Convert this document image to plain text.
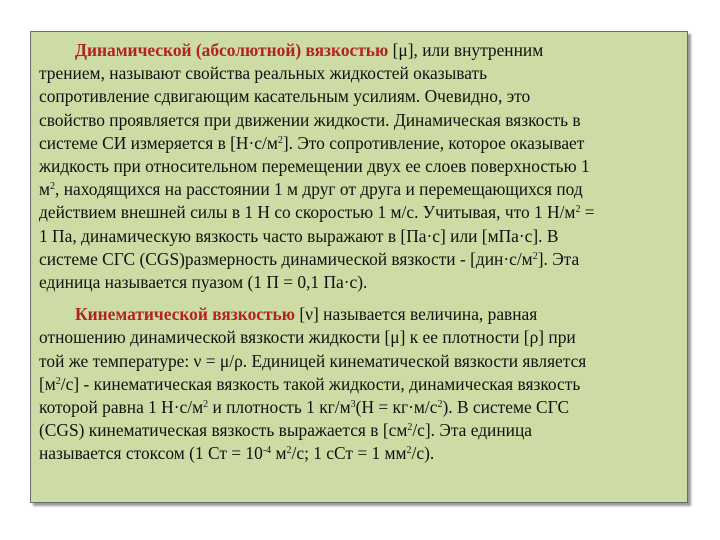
Динамической (абсолютной) вязкостью [μ], или внутренним
трением, называют свойства реальных жидкостей оказывать
сопротивление сдвигающим касательным усилиям. Очевидно, это
свойство проявляется при движении жидкости. Динамическая вязкость в
системе СИ измеряется в $[Н\cdot с/м^2]$. Это сопротивление, которое оказывает
жидкость при относительном перемещении двух ее слоев поверхностью 1
$м^2$, находящихся на расстоянии 1 м друг от друга и перемещающихся под
действием внешней силы в 1 Н со скоростью 1 м/с. Учитывая, что 1 $Н/м^2$ =
1 Па, динамическую вязкость часто выражают в [Па·с] или [мПа·с]. В
системе СГС (CGS)размерность динамической вязкости - $[дин\cdot с/м^2]$. Эта
единица называется пуазом (1 П = 0,1 Па·с).
Кинематической вязкостью [ν] называется величина, равная
отношению динамической вязкости жидкости [μ] к ее плотности [ρ] при
той же температуре: ν = μ/ρ. Единицей кинематической вязкости является
$[м^2/с]$ - кинематическая вязкость такой жидкости, динамическая вязкость
которой равна 1 $Н\cdot с/м^2$ и плотность 1 $кг/м^3(Н = кг\cdot м/с^2)$. В системе СГС
(CGS) кинематическая вязкость выражается в $[см^2/с]$. Эта единица
называется стоксом (1 Ст = $10^{-4}$ $м^2/с$; 1 сСт = 1 $мм^2/с$).
